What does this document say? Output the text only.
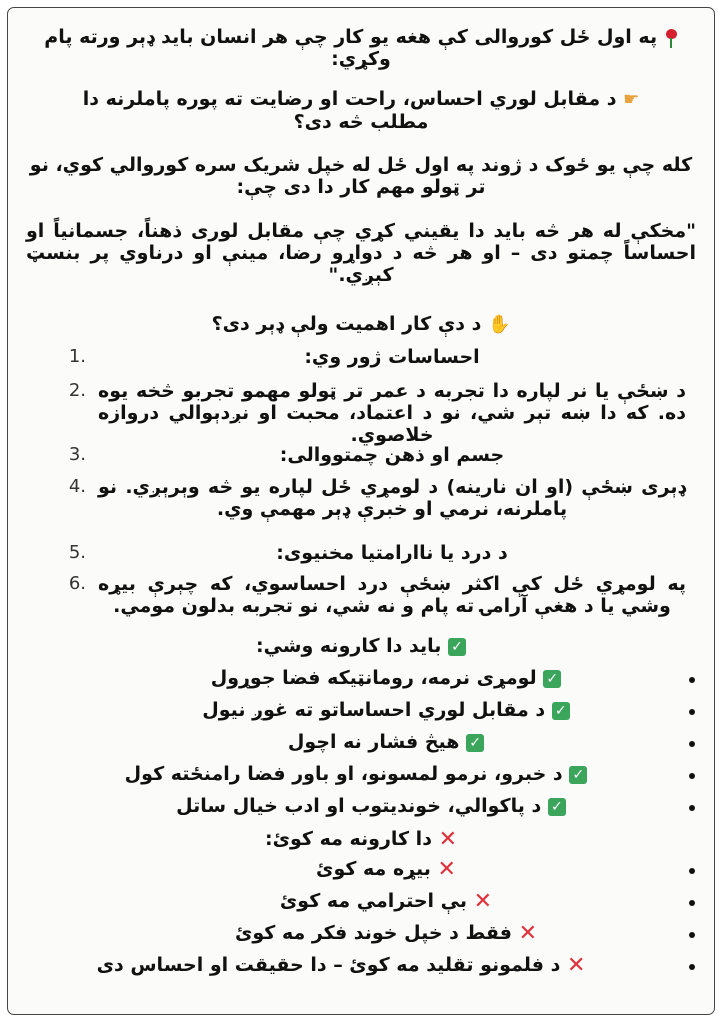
په اول ځل کوروالی کې هغه یو کار چې هر انسان باید ډېر ورته پام وکړي:
☛ د مقابل لوري احساس، راحت او رضایت ته پوره پاملرنه دا مطلب څه دی؟
کله چې یو ځوک د ژوند په اول ځل له خپل شریک سره کوروالي کوي، نو تر ټولو مهم کار دا دی چې:
"مخکې له هر څه باید دا یقیني کړي چې مقابل لوری ذهناً، جسمانیاً او احساساً چمتو دی – او هر څه د دواړو رضا، مینې او درناوي پر بنسټ کېږي."
✋ د دې کار اهمیت ولې ډېر دی؟
1.	احساسات ژور وي:
2. د ښځې یا نر لپاره دا تجربه د عمر تر ټولو مهمو تجربو څخه یوه ده. که دا ښه تېر شي، نو د اعتماد، محبت او نږدېوالي دروازه خلاصوي.
3.	جسم او ذهن چمتووالی:
4. ډېری ښځې (او ان نارینه) د لومړي ځل لپاره یو څه وېرېږي. نو پاملرنه، نرمي او خبرې ډېر مهمې وي.
5.	د درد یا ناارامتیا مخنیوی:
6. په لومړي ځل کې اکثر ښځې درد احساسوي، که چېرې بیړه وشي یا د هغې آرامۍ ته پام و نه شي، نو تجربه بدلون مومي.
✓ باید دا کارونه وشي:
✓ لومړی نرمه، رومانټیکه فضا جوړول
✓ د مقابل لوري احساساتو ته غوږ نیول
✓ هیڅ فشار نه اچول
✓ د خبرو، نرمو لمسونو، او باور فضا رامنځته کول
✓ د پاکوالي، خوندیتوب او ادب خیال ساتل
✕ دا کارونه مه کوئ:
✕ بیړه مه کوئ
✕ بې احترامي مه کوئ
✕ فقط د خپل خوند فکر مه کوئ
✕ د فلمونو تقلید مه کوئ – دا حقیقت او احساس دی
